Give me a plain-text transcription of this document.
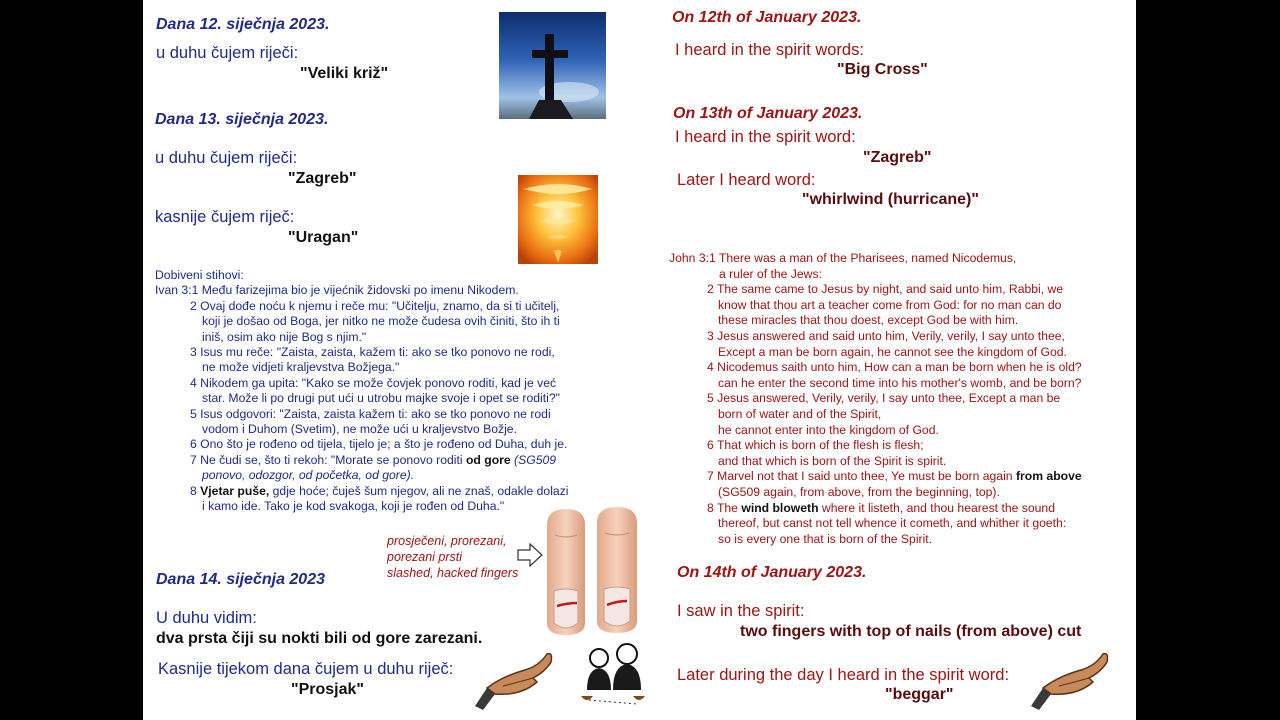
Dana 12. siječnja 2023.
u duhu čujem riječi:
"Veliki križ"
Dana 13. siječnja 2023.
u duhu čujem riječi:
"Zagreb"
kasnije čujem riječ:
"Uragan"
Dobiveni stihovi:
Ivan 3:1 Među farizejima bio je vijećnik židovski po imenu Nikodem.
2 Ovaj dođe noću k njemu i reče mu: "Učitelju, znamo, da si ti učitelj,
koji je došao od Boga, jer nitko ne može čudesa ovih činiti, što ih ti
iniš, osim ako nije Bog s njim."
3 Isus mu reče: "Zaista, zaista, kažem ti: ako se tko ponovo ne rodi,
ne može vidjeti kraljevstva Božjega."
4 Nikodem ga upita: "Kako se može čovjek ponovo roditi, kad je već
star. Može li po drugi put ući u utrobu majke svoje i opet se roditi?"
5 Isus odgovori: "Zaista, zaista kažem ti: ako se tko ponovo ne rodi
vodom i Duhom (Svetim), ne može ući u kraljevstvo Božje.
6 Ono što je rođeno od tijela, tijelo je; a što je rođeno od Duha, duh je.
7 Ne čudi se, što ti rekoh: "Morate se ponovo roditi od gore (SG509
ponovo, odozgor, od početka, od gore).
8 Vjetar puše, gdje hoće; čuješ šum njegov, ali ne znaš, odakle dolazi
i kamo ide. Tako je kod svakoga, koji je rođen od Duha."
prosječeni, prorezani,
porezani prsti
slashed, hacked fingers
Dana 14. siječnja 2023
U duhu vidim:
dva prsta čiji su nokti bili od gore zarezani.
Kasnije tijekom dana čujem u duhu riječ:
"Prosjak"
On 12th of January 2023.
I heard in the spirit words:
"Big Cross"
On 13th of January 2023.
I heard in the spirit word:
"Zagreb"
Later I heard word:
"whirlwind (hurricane)"
John 3:1 There was a man of the Pharisees, named Nicodemus,
a ruler of the Jews:
2 The same came to Jesus by night, and said unto him, Rabbi, we
know that thou art a teacher come from God: for no man can do
these miracles that thou doest, except God be with him.
3 Jesus answered and said unto him, Verily, verily, I say unto thee,
Except a man be born again, he cannot see the kingdom of God.
4 Nicodemus saith unto him, How can a man be born when he is old?
can he enter the second time into his mother's womb, and be born?
5 Jesus answered, Verily, verily, I say unto thee, Except a man be
born of water and of the Spirit,
he cannot enter into the kingdom of God.
6 That which is born of the flesh is flesh;
and that which is born of the Spirit is spirit.
7 Marvel not that I said unto thee, Ye must be born again from above
(SG509 again, from above, from the beginning, top).
8 The wind bloweth where it listeth, and thou hearest the sound
thereof, but canst not tell whence it cometh, and whither it goeth:
so is every one that is born of the Spirit.
On 14th of January 2023.
I saw in the spirit:
two fingers with top of nails (from above) cut
Later during the day I heard in the spirit word:
"beggar"
